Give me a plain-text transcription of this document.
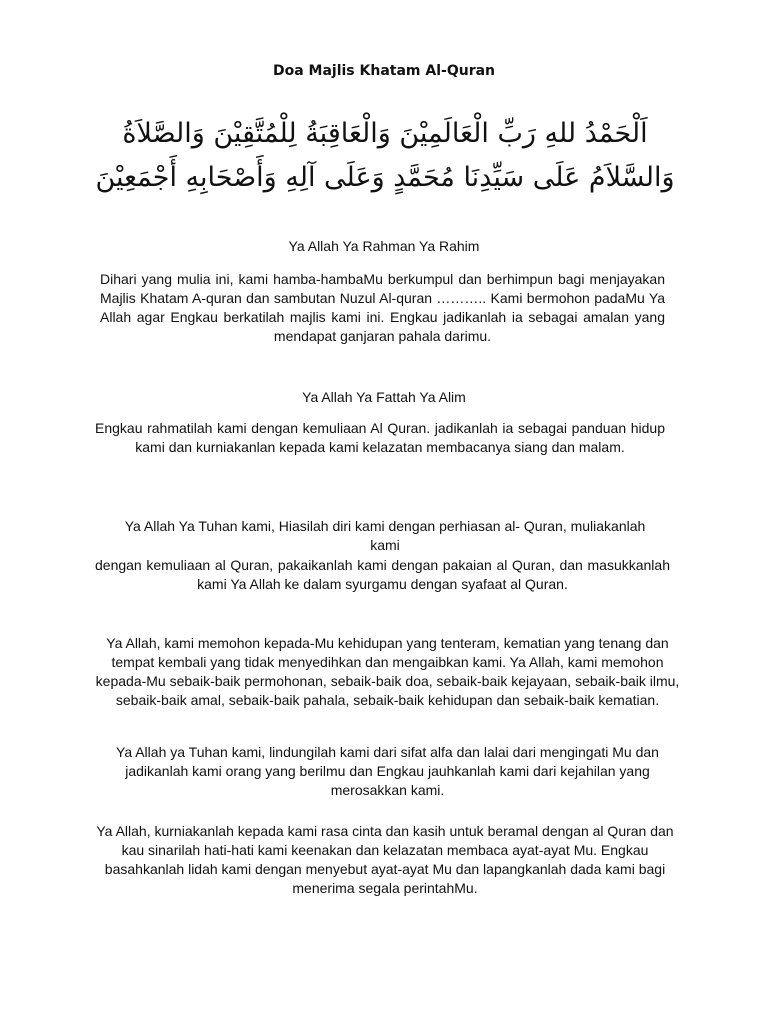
Doa Majlis Khatam Al-Quran
اَلْحَمْدُ للهِ رَبِّ الْعَالَمِيْنَ وَالْعَاقِبَةُ لِلْمُتَّقِيْنَ وَالصَّلاَةُ وَالسَّلاَمُ عَلَى سَيِّدِنَا مُحَمَّدٍ وَعَلَى آلِهِ وَأَصْحَابِهِ أَجْمَعِيْنَ
Ya Allah Ya Rahman Ya Rahim
Dihari yang mulia ini, kami hamba-hambaMu berkumpul dan berhimpun bagi menjayakan Majlis Khatam A-quran dan sambutan Nuzul Al-quran ……….. Kami bermohon padaMu Ya Allah agar Engkau berkatilah majlis kami ini. Engkau jadikanlah ia sebagai amalan yang mendapat ganjaran pahala darimu.
Ya Allah Ya Fattah Ya Alim
Engkau rahmatilah kami dengan kemuliaan Al Quran. jadikanlah ia sebagai panduan hidup kami dan kurniakanlan kepada kami kelazatan membacanya siang dan malam.
Ya Allah Ya Tuhan kami, Hiasilah diri kami dengan perhiasan al- Quran, muliakanlah kami
dengan kemuliaan al Quran, pakaikanlah kami dengan pakaian al Quran, dan masukkanlah kami Ya Allah ke dalam syurgamu dengan syafaat al Quran.
Ya Allah, kami memohon kepada-Mu kehidupan yang tenteram, kematian yang tenang dan tempat kembali yang tidak menyedihkan dan mengaibkan kami. Ya Allah, kami memohon kepada-Mu sebaik-baik permohonan, sebaik-baik doa, sebaik-baik kejayaan, sebaik-baik ilmu, sebaik-baik amal, sebaik-baik pahala, sebaik-baik kehidupan dan sebaik-baik kematian.
Ya Allah ya Tuhan kami, lindungilah kami dari sifat alfa dan lalai dari mengingati Mu dan jadikanlah kami orang yang berilmu dan Engkau jauhkanlah kami dari kejahilan yang merosakkan kami.
Ya Allah, kurniakanlah kepada kami rasa cinta dan kasih untuk beramal dengan al Quran dan kau sinarilah hati-hati kami keenakan dan kelazatan membaca ayat-ayat Mu. Engkau basahkanlah lidah kami dengan menyebut ayat-ayat Mu dan lapangkanlah dada kami bagi menerima segala perintahMu.
